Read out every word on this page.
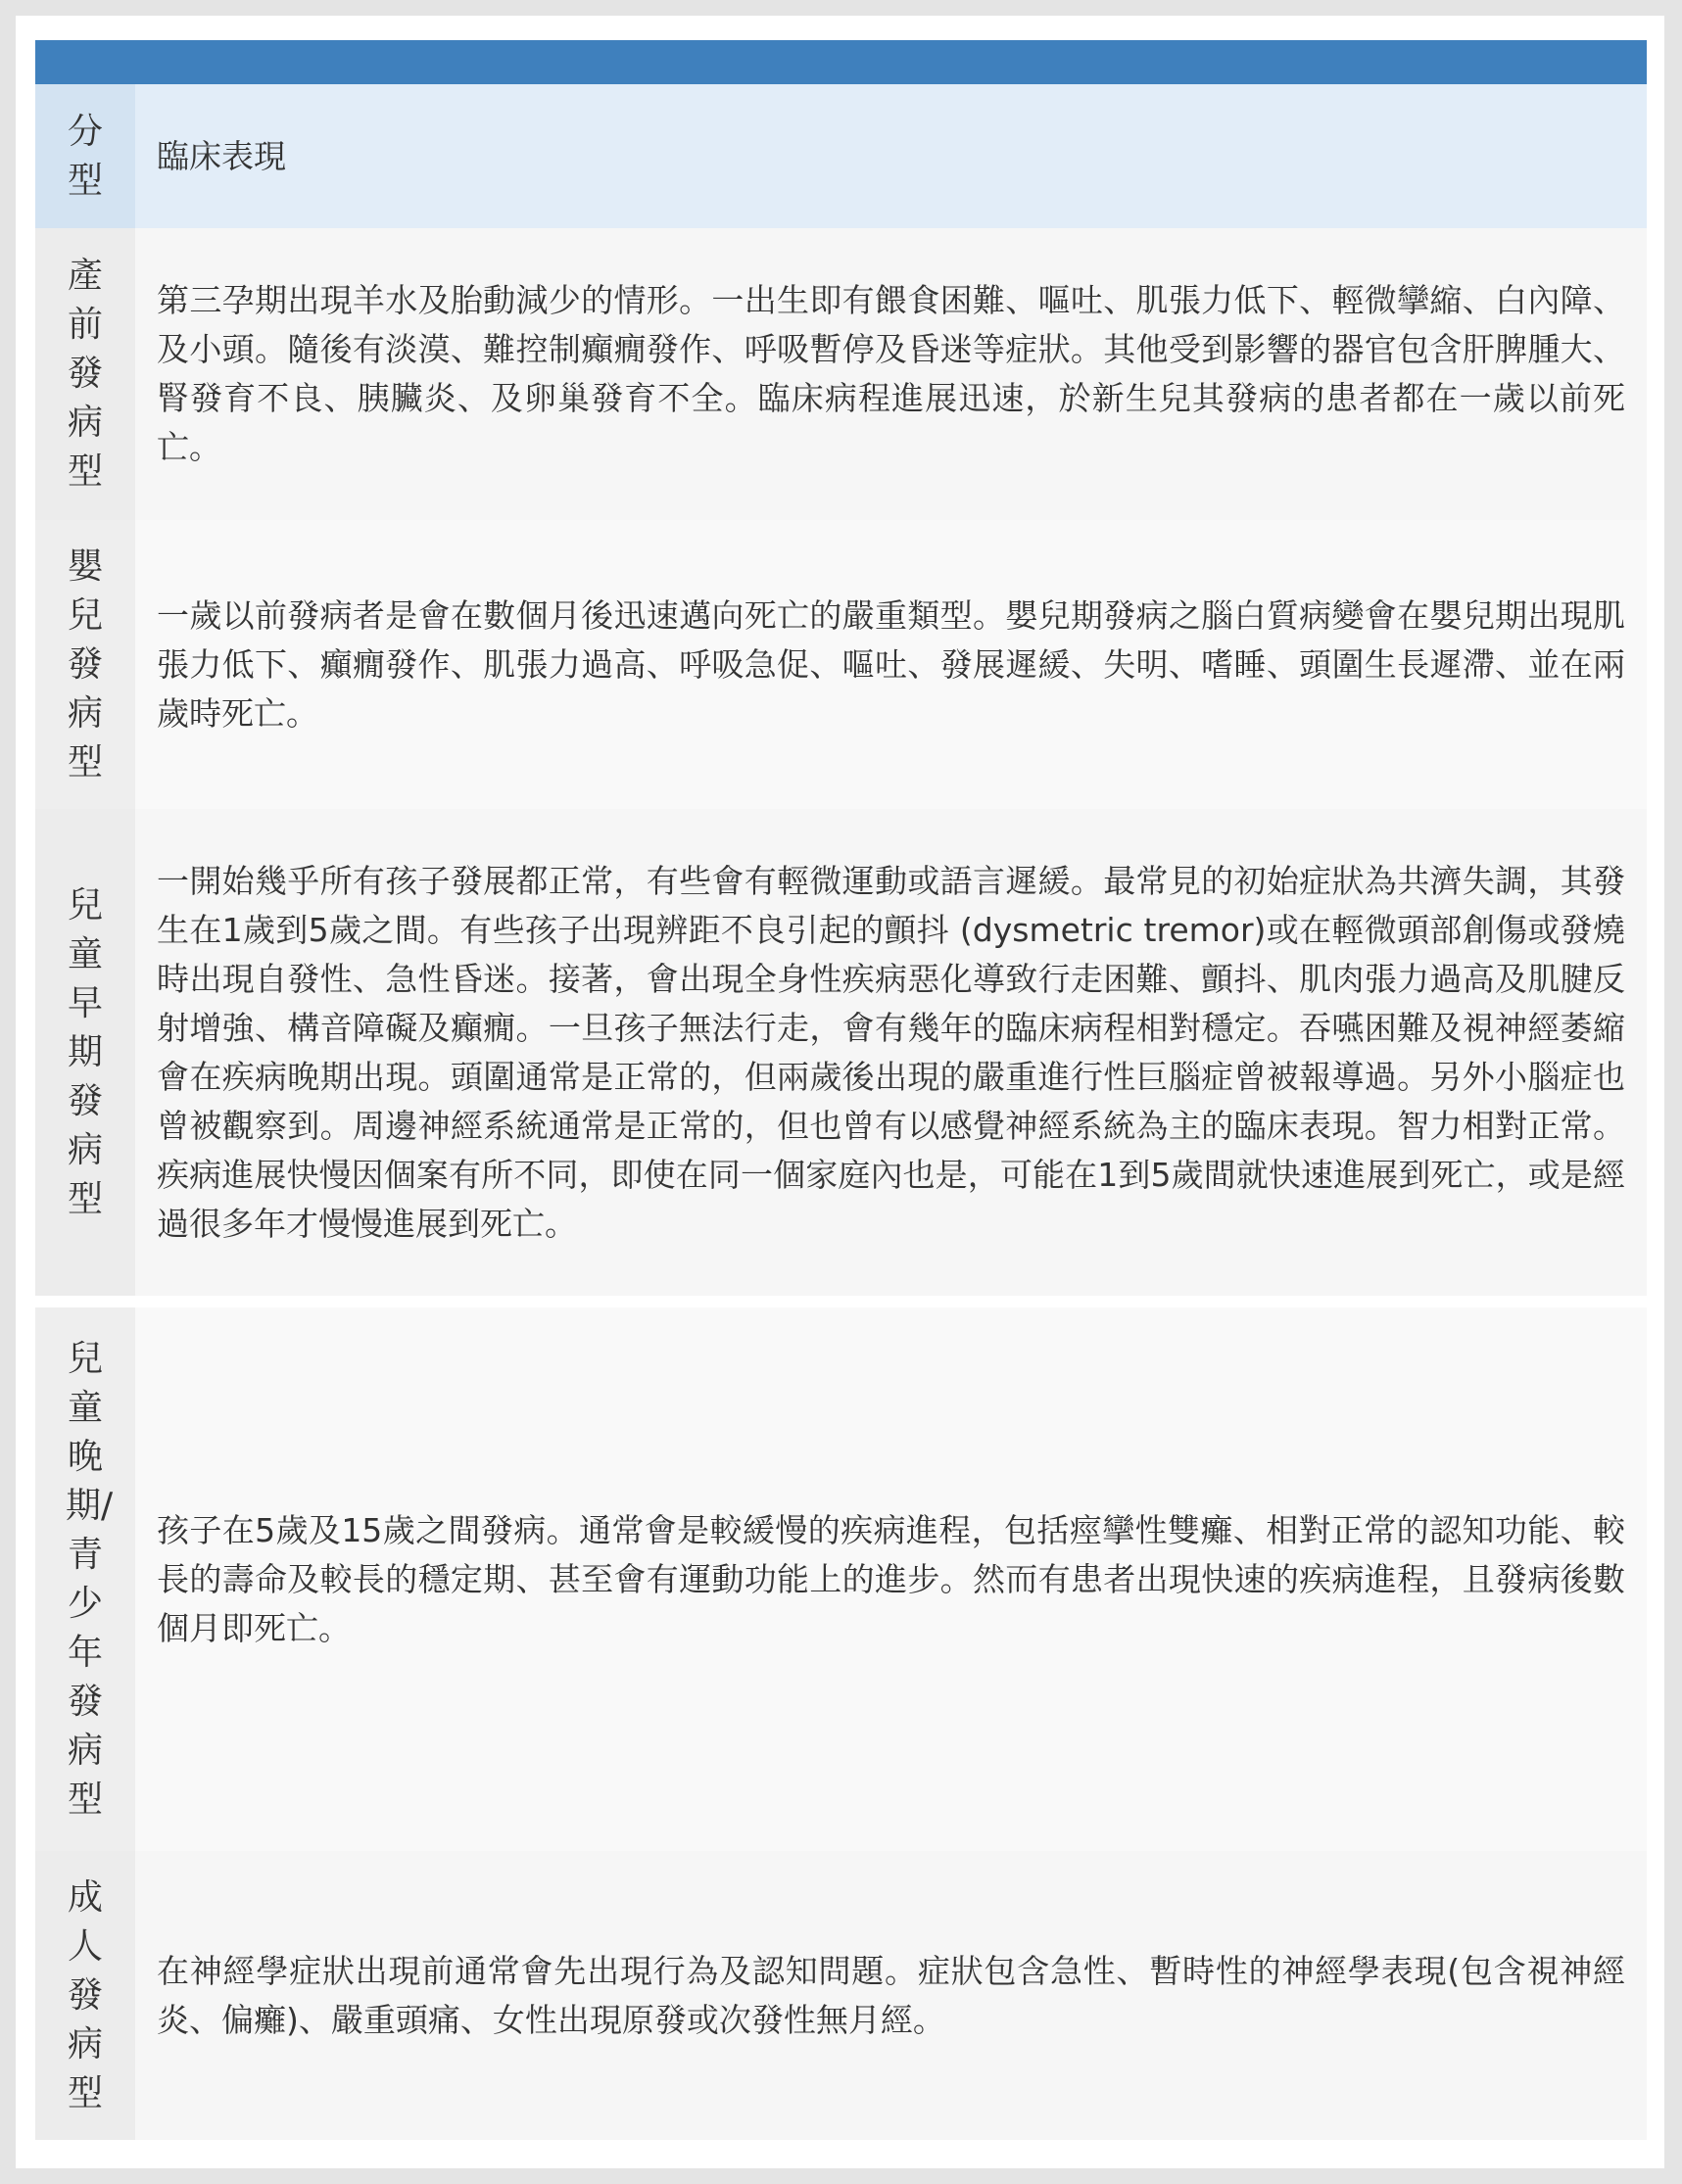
分型
臨床表現
產前發病型
第三孕期出現羊水及胎動減少的情形。一出生即有餵食困難、嘔吐、肌張力低下、輕微攣縮、白內障、及小頭。隨後有淡漠、難控制癲癇發作、呼吸暫停及昏迷等症狀。其他受到影響的器官包含肝脾腫大、腎發育不良、胰臟炎、及卵巢發育不全。臨床病程進展迅速，於新生兒其發病的患者都在一歲以前死亡。
嬰兒發病型
一歲以前發病者是會在數個月後迅速邁向死亡的嚴重類型。嬰兒期發病之腦白質病變會在嬰兒期出現肌張力低下、癲癇發作、肌張力過高、呼吸急促、嘔吐、發展遲緩、失明、嗜睡、頭圍生長遲滯、並在兩歲時死亡。
兒童早期發病型
一開始幾乎所有孩子發展都正常，有些會有輕微運動或語言遲緩。最常見的初始症狀為共濟失調，其發生在1歲到5歲之間。有些孩子出現辨距不良引起的顫抖 (dysmetric tremor)或在輕微頭部創傷或發燒時出現自發性、急性昏迷。接著，會出現全身性疾病惡化導致行走困難、顫抖、肌肉張力過高及肌腱反射增強、構音障礙及癲癇。一旦孩子無法行走，會有幾年的臨床病程相對穩定。吞嚥困難及視神經萎縮會在疾病晚期出現。頭圍通常是正常的，但兩歲後出現的嚴重進行性巨腦症曾被報導過。另外小腦症也曾被觀察到。周邊神經系統通常是正常的，但也曾有以感覺神經系統為主的臨床表現。智力相對正常。疾病進展快慢因個案有所不同，即使在同一個家庭內也是，可能在1到5歲間就快速進展到死亡，或是經過很多年才慢慢進展到死亡。
兒童晚期/青少年發病型
孩子在5歲及15歲之間發病。通常會是較緩慢的疾病進程，包括痙攣性雙癱、相對正常的認知功能、較長的壽命及較長的穩定期、甚至會有運動功能上的進步。然而有患者出現快速的疾病進程，且發病後數個月即死亡。
成人發病型
在神經學症狀出現前通常會先出現行為及認知問題。症狀包含急性、暫時性的神經學表現(包含視神經炎、偏癱)、嚴重頭痛、女性出現原發或次發性無月經。
